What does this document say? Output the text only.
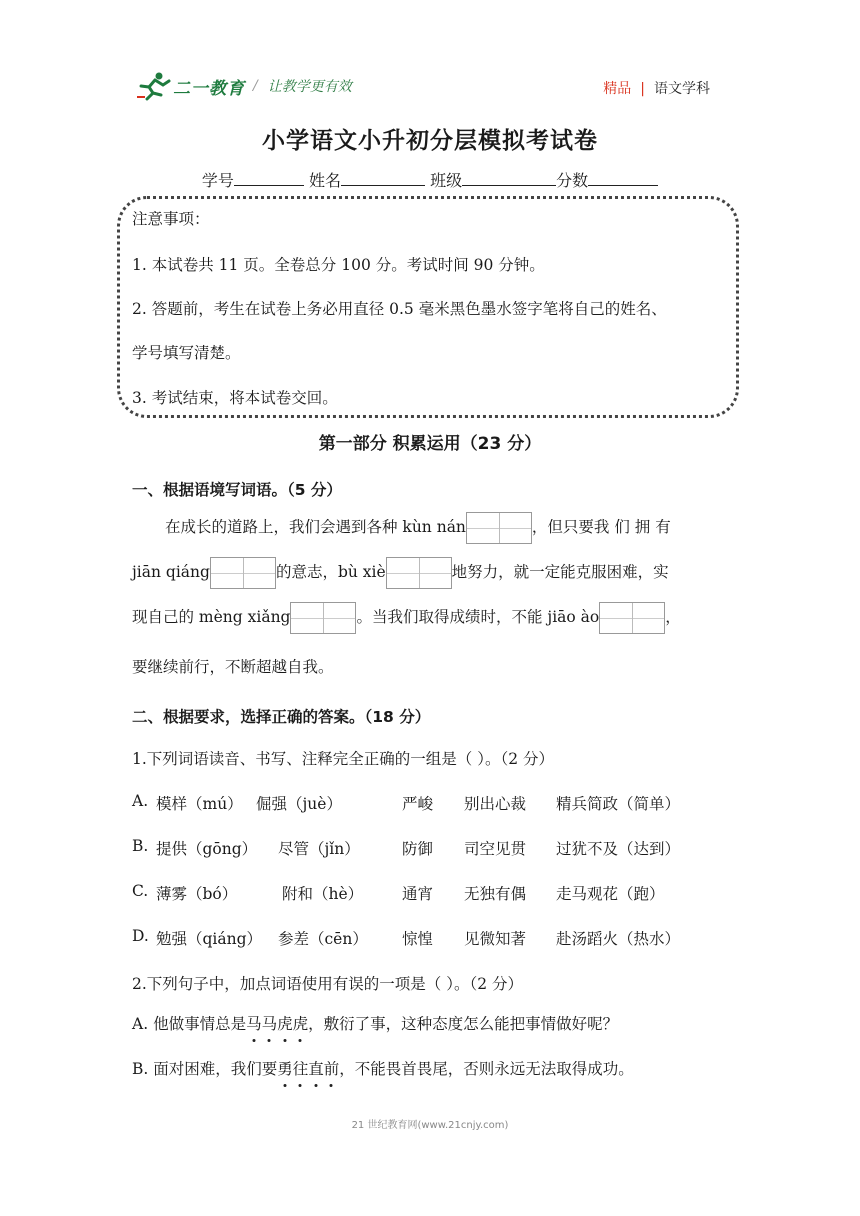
二一教育 / 让教学更有效	精品 | 语文学科
小学语文小升初分层模拟考试卷
学号	姓名	班级	分数
注意事项：
1. 本试卷共 11 页。全卷总分 100 分。考试时间 90 分钟。
2. 答题前，考生在试卷上务必用直径 0.5 毫米黑色墨水签字笔将自己的姓名、
学号填写清楚。
3. 考试结束，将本试卷交回。
第一部分 积累运用（23 分）
一、根据语境写词语。（5 分）
在成长的道路上，我们会遇到各种 kùn nán	，但只要我 们 拥 有
jiān qiáng	的意志，bù xiè	地努力，就一定能克服困难，实
现自己的 mèng xiǎng	。当我们取得成绩时，不能 jiāo ào	，
要继续前行，不断超越自我。
二、根据要求，选择正确的答案。（18 分）
1.下列词语读音、书写、注释完全正确的一组是（ ）。（2 分）
A. 模样（mú） 倔强（juè）	严峻 别出心裁 精兵简政（简单）
B. 提供（gōng） 尽管（jǐn）	防御 司空见贯 过犹不及（达到）
C. 薄雾（bó）	附和（hè）	通宵 无独有偶 走马观花（跑）
D. 勉强（qiáng） 参差（cēn） 惊惶 见微知著 赴汤蹈火（热水）
2.下列句子中，加点词语使用有误的一项是（ ）。（2 分）
A. 他做事情总是马马虎虎
，敷衍了事，这种态度怎么能把事情做好呢？
B. 面对困难，我们要勇往直前
，不能畏首畏尾，否则永远无法取得成功。
21 世纪教育网(www.21cnjy.com)
